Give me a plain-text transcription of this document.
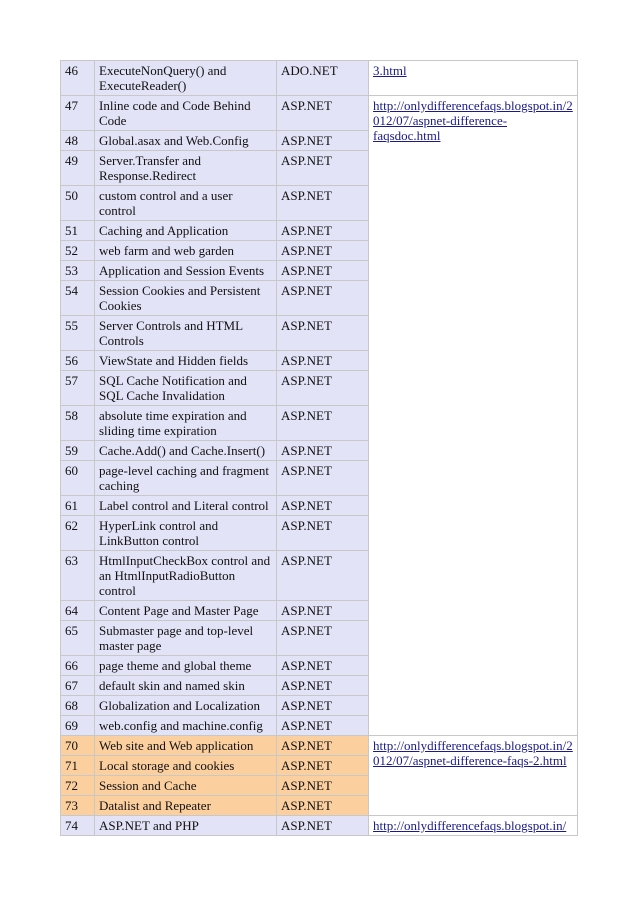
46	ExecuteNonQuery() and ExecuteReader()	ADO.NET	3.html
47	Inline code and Code Behind Code	ASP.NET	http://onlydifferencefaqs.blogspot.in/2012/07/aspnet-difference-faqsdoc.html
48	Global.asax and Web.Config	ASP.NET	
49	Server.Transfer and Response.Redirect	ASP.NET	
50	custom control and a user control	ASP.NET	
51	Caching and Application	ASP.NET	
52	web farm and web garden	ASP.NET	
53	Application and Session Events	ASP.NET	
54	Session Cookies and Persistent Cookies	ASP.NET	
55	Server Controls and HTML Controls	ASP.NET	
56	ViewState and Hidden fields	ASP.NET	
57	SQL Cache Notification and SQL Cache Invalidation	ASP.NET	
58	absolute time expiration and sliding time expiration	ASP.NET	
59	Cache.Add() and Cache.Insert()	ASP.NET	
60	page-level caching and fragment caching	ASP.NET	
61	Label control and Literal control	ASP.NET	
62	HyperLink control and LinkButton control	ASP.NET	
63	HtmlInputCheckBox control and an HtmlInputRadioButton control	ASP.NET	
64	Content Page and Master Page	ASP.NET	
65	Submaster page and top-level master page	ASP.NET	
66	page theme and global theme	ASP.NET	
67	default skin and named skin	ASP.NET	
68	Globalization and Localization	ASP.NET	
69	web.config and machine.config	ASP.NET	
70	Web site and Web application	ASP.NET	http://onlydifferencefaqs.blogspot.in/2012/07/aspnet-difference-faqs-2.html
71	Local storage and cookies	ASP.NET	
72	Session and Cache	ASP.NET	
73	Datalist and Repeater	ASP.NET	
74	ASP.NET and PHP	ASP.NET	http://onlydifferencefaqs.blogspot.in/
